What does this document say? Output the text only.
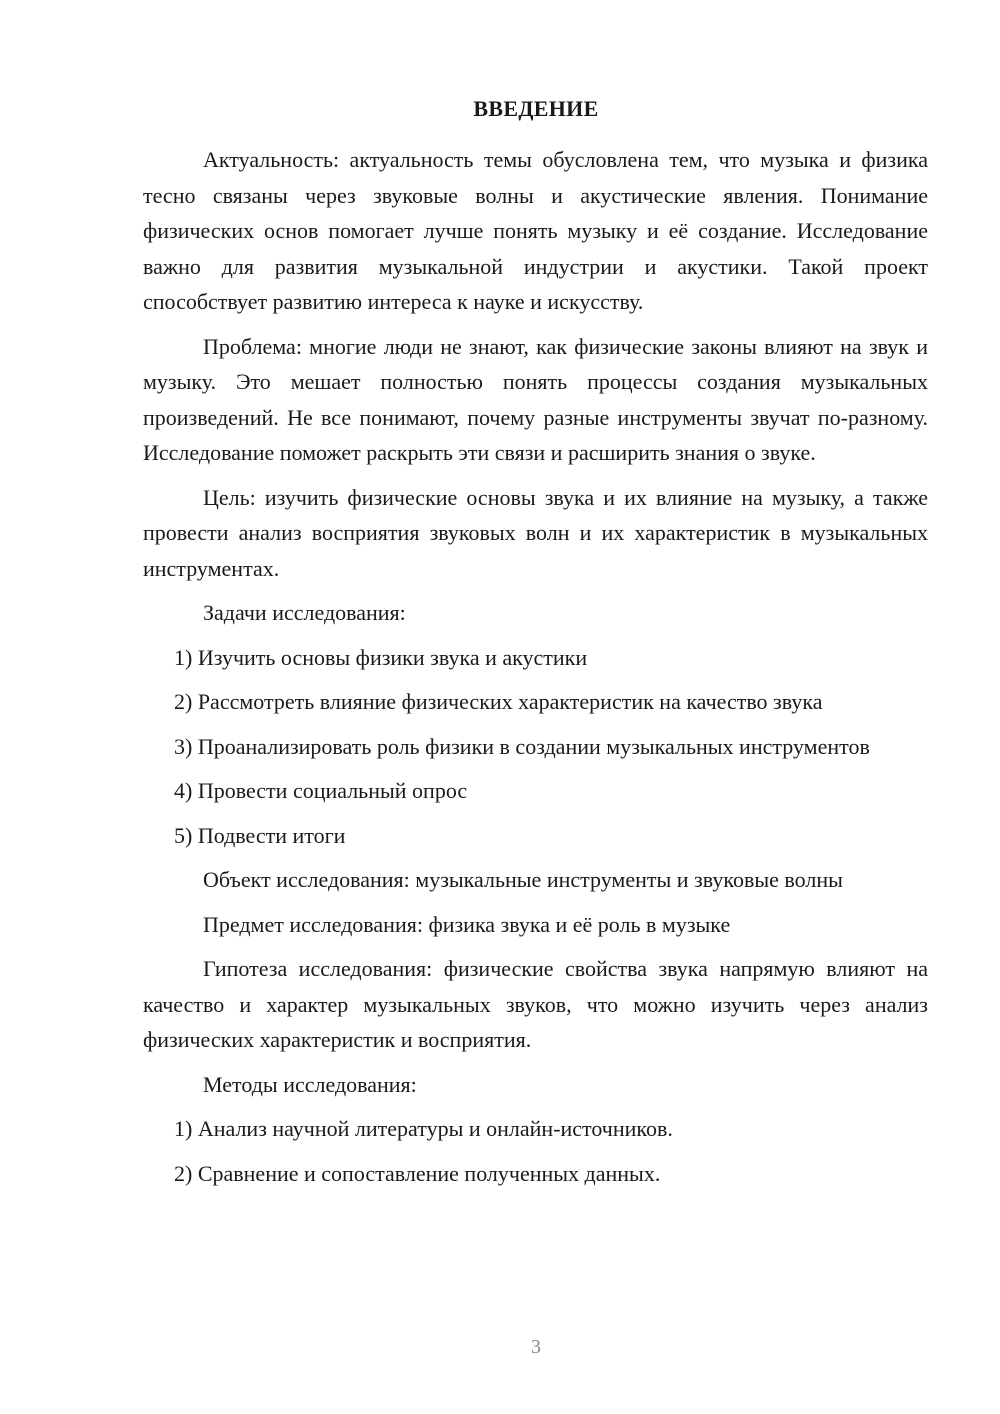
ВВЕДЕНИЕ

Актуальность: актуальность темы обусловлена тем, что музыка и физика тесно связаны через звуковые волны и акустические явления. Понимание физических основ помогает лучше понять музыку и её создание. Исследование важно для развития музыкальной индустрии и акустики. Такой проект способствует развитию интереса к науке и искусству.

Проблема: многие люди не знают, как физические законы влияют на звук и музыку. Это мешает полностью понять процессы создания музыкальных произведений. Не все понимают, почему разные инструменты звучат по-разному. Исследование поможет раскрыть эти связи и расширить знания о звуке.

Цель: изучить физические основы звука и их влияние на музыку, а также провести анализ восприятия звуковых волн и их характеристик в музыкальных инструментах.

Задачи исследования:

1) Изучить основы физики звука и акустики

2) Рассмотреть влияние физических характеристик на качество звука

3) Проанализировать роль физики в создании музыкальных инструментов

4) Провести социальный опрос

5) Подвести итоги

Объект исследования: музыкальные инструменты и звуковые волны

Предмет исследования: физика звука и её роль в музыке

Гипотеза исследования: физические свойства звука напрямую влияют на качество и характер музыкальных звуков, что можно изучить через анализ физических характеристик и восприятия.

Методы исследования:

1) Анализ научной литературы и онлайн-источников.

2) Сравнение и сопоставление полученных данных.

3
